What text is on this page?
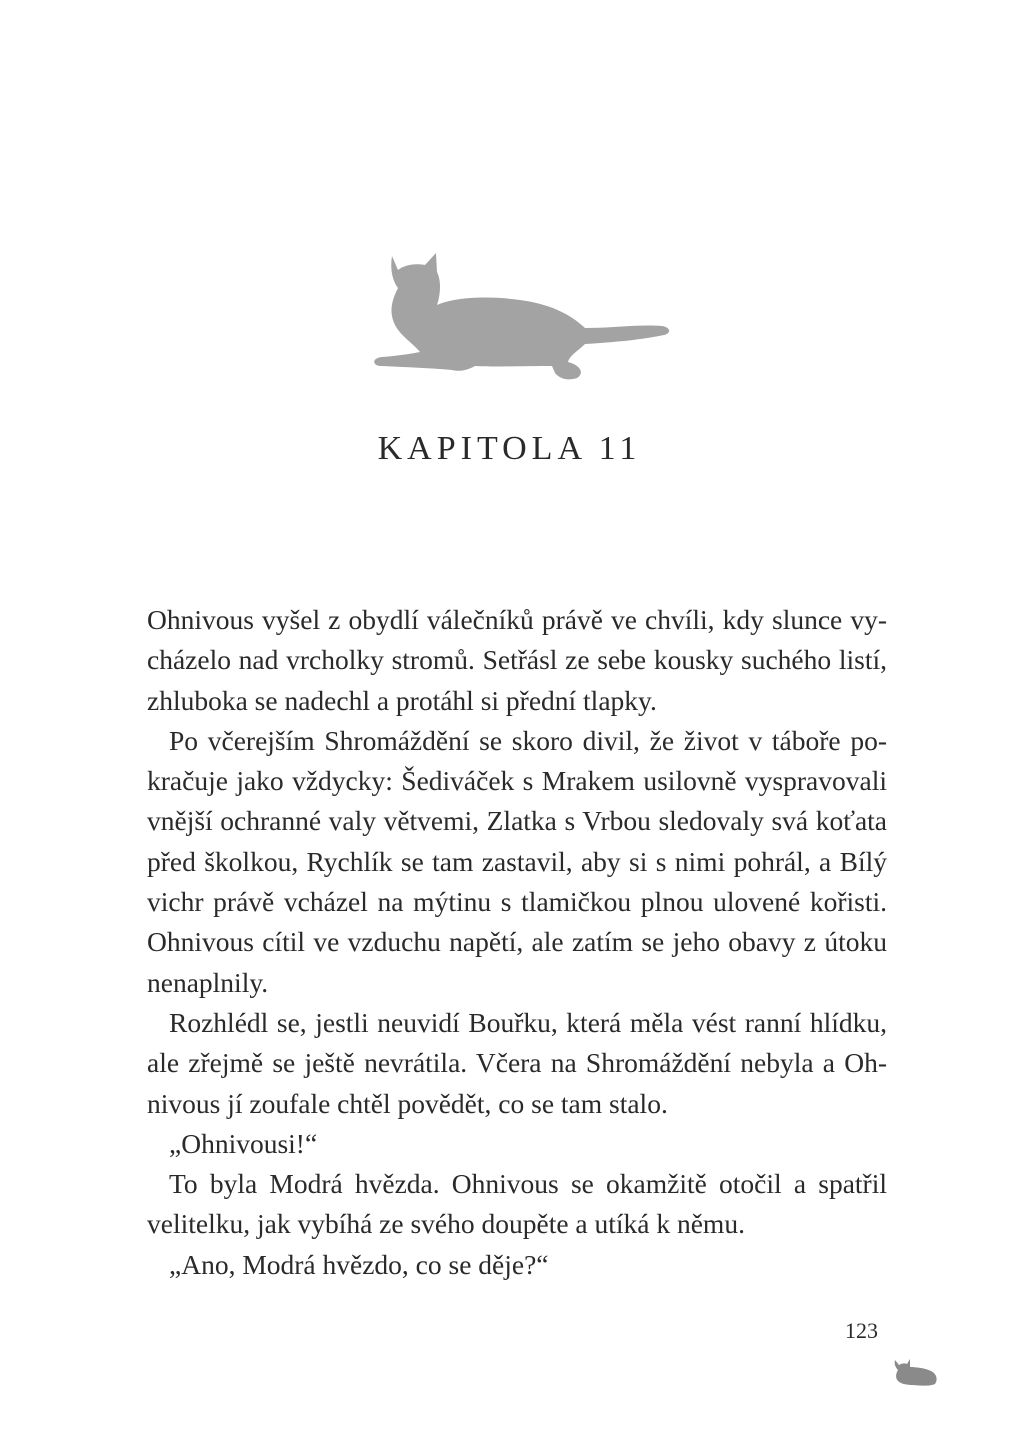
KAPITOLA 11
Ohnivous vyšel z obydlí válečníků právě ve chvíli, kdy slunce vy-
cházelo nad vrcholky stromů. Setřásl ze sebe kousky suchého listí,
zhluboka se nadechl a protáhl si přední tlapky.
Po včerejším Shromáždění se skoro divil, že život v táboře po-
kračuje jako vždycky: Šediváček s Mrakem usilovně vyspravovali
vnější ochranné valy větvemi, Zlatka s Vrbou sledovaly svá koťata
před školkou, Rychlík se tam zastavil, aby si s nimi pohrál, a Bílý
vichr právě vcházel na mýtinu s tlamičkou plnou ulovené kořisti.
Ohnivous cítil ve vzduchu napětí, ale zatím se jeho obavy z útoku
nenaplnily.
Rozhlédl se, jestli neuvidí Bouřku, která měla vést ranní hlídku,
ale zřejmě se ještě nevrátila. Včera na Shromáždění nebyla a Oh-
nivous jí zoufale chtěl povědět, co se tam stalo.
„Ohnivousi!“
To byla Modrá hvězda. Ohnivous se okamžitě otočil a spatřil
velitelku, jak vybíhá ze svého doupěte a utíká k němu.
„Ano, Modrá hvězdo, co se děje?“
123
